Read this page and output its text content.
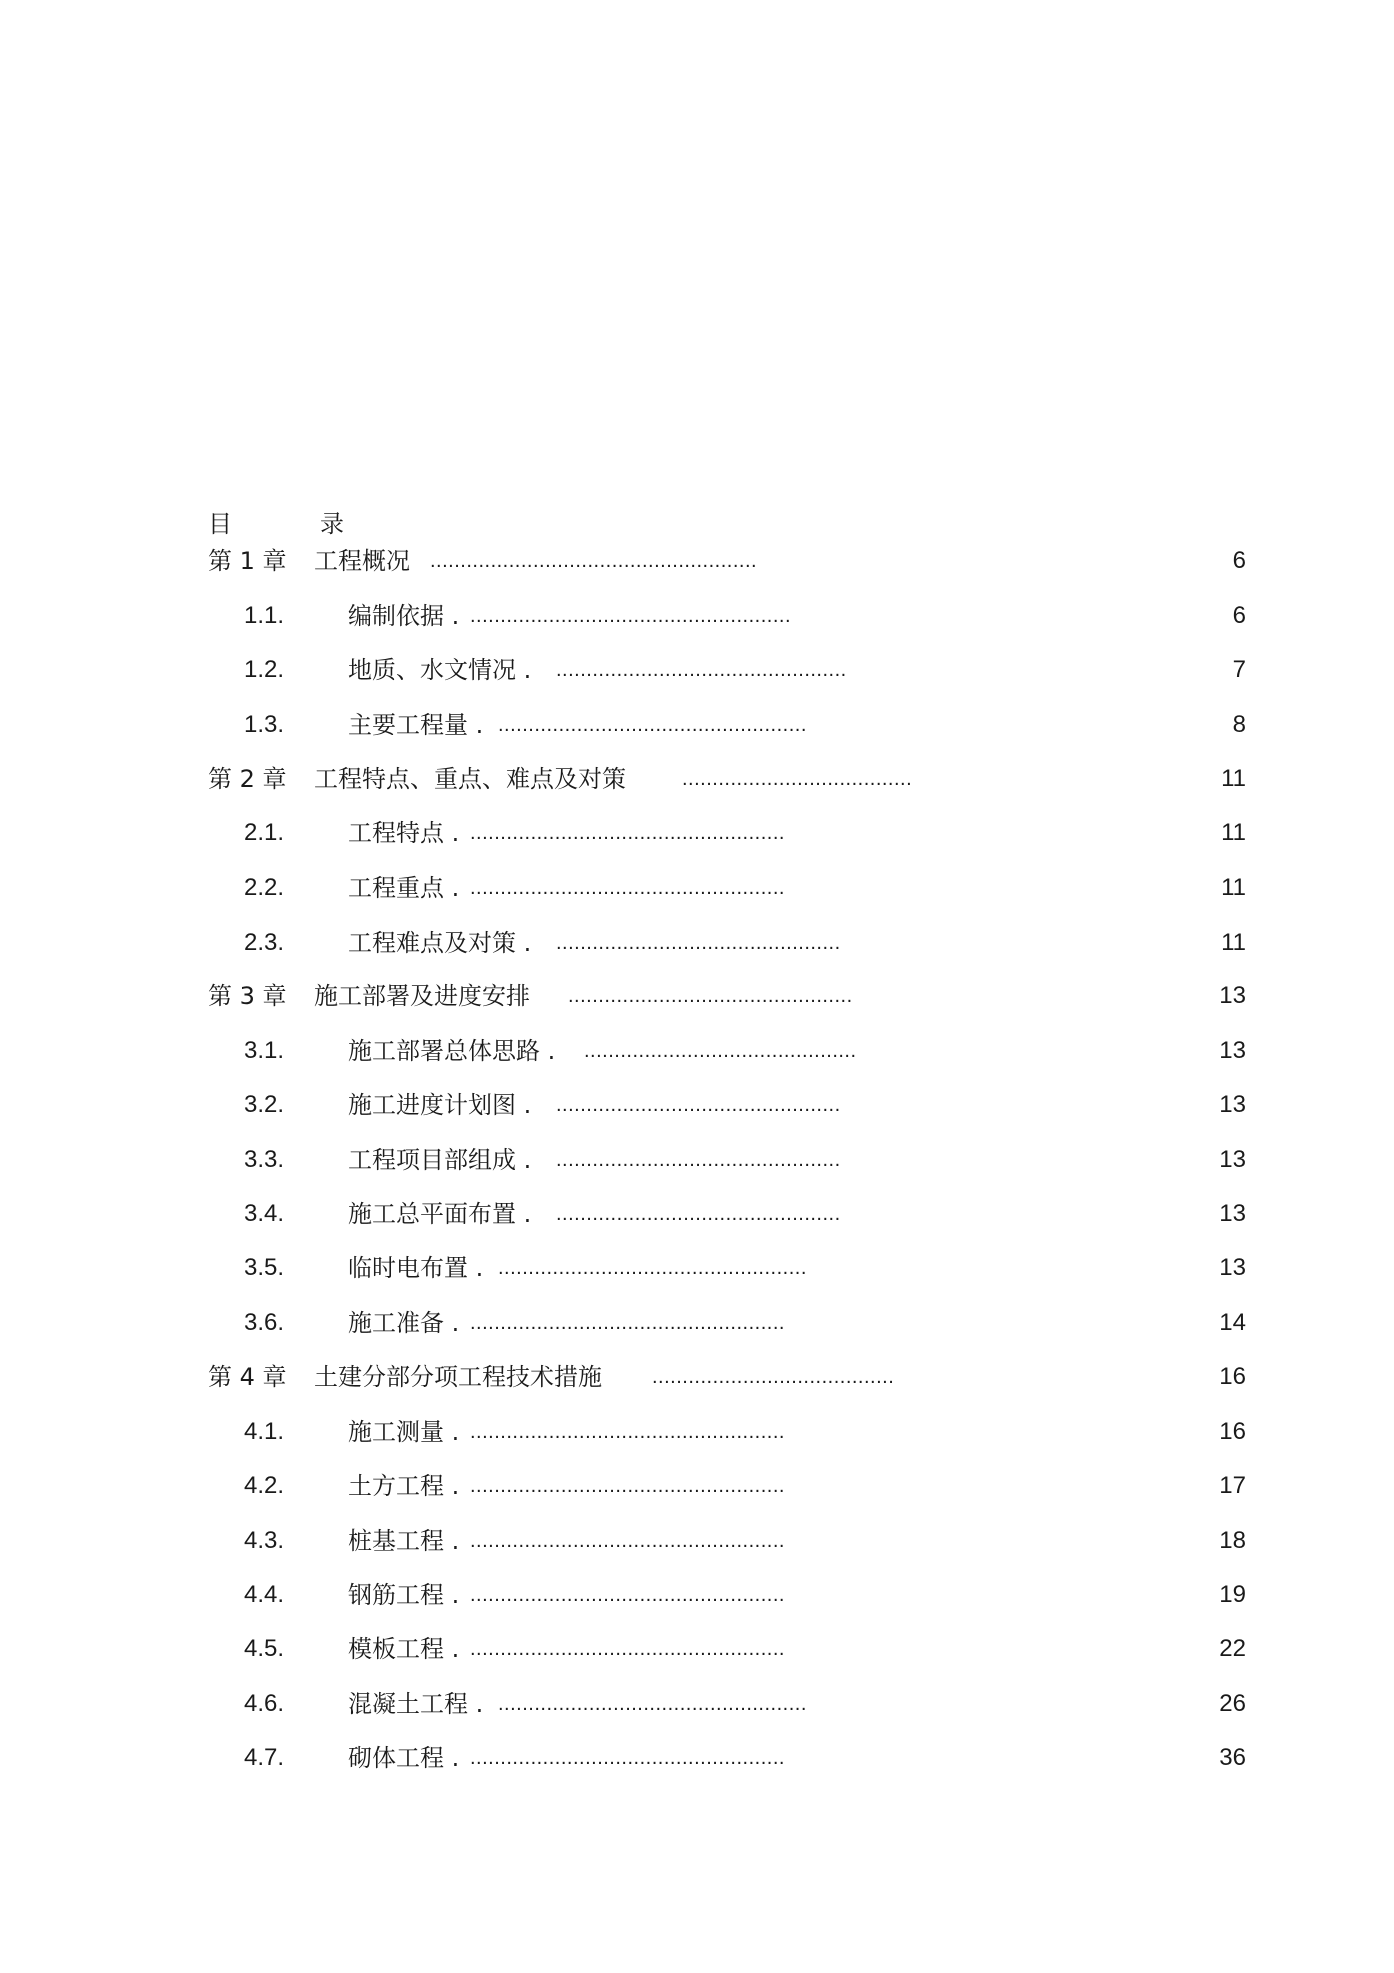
目	录
第 1 章 工程概况 ......................................................	6
1.1.	编制依据 . .....................................................	6
1.2.	地质、水文情况 . ................................................	7
1.3.	主要工程量 . ...................................................	8
第 2 章 工程特点、重点、难点及对策	......................................	11
2.1.	工程特点 . ....................................................	11
2.2.	工程重点 . ....................................................	11
2.3.	工程难点及对策 . ...............................................	11
第 3 章 施工部署及进度安排 ...............................................	13
3.1.	施工部署总体思路 . .............................................	13
3.2.	施工进度计划图 . ...............................................	13
3.3.	工程项目部组成 . ...............................................	13
3.4.	施工总平面布置 . ...............................................	13
3.5.	临时电布置 . ...................................................	13
3.6.	施工准备 . ....................................................	14
第 4 章 土建分部分项工程技术措施	........................................	16
4.1.	施工测量 . ....................................................	16
4.2.	土方工程 . ....................................................	17
4.3.	桩基工程 . ....................................................	18
4.4.	钢筋工程 . ....................................................	19
4.5.	模板工程 . ....................................................	22
4.6.	混凝土工程 . ...................................................	26
4.7.	砌体工程 . ....................................................	36
